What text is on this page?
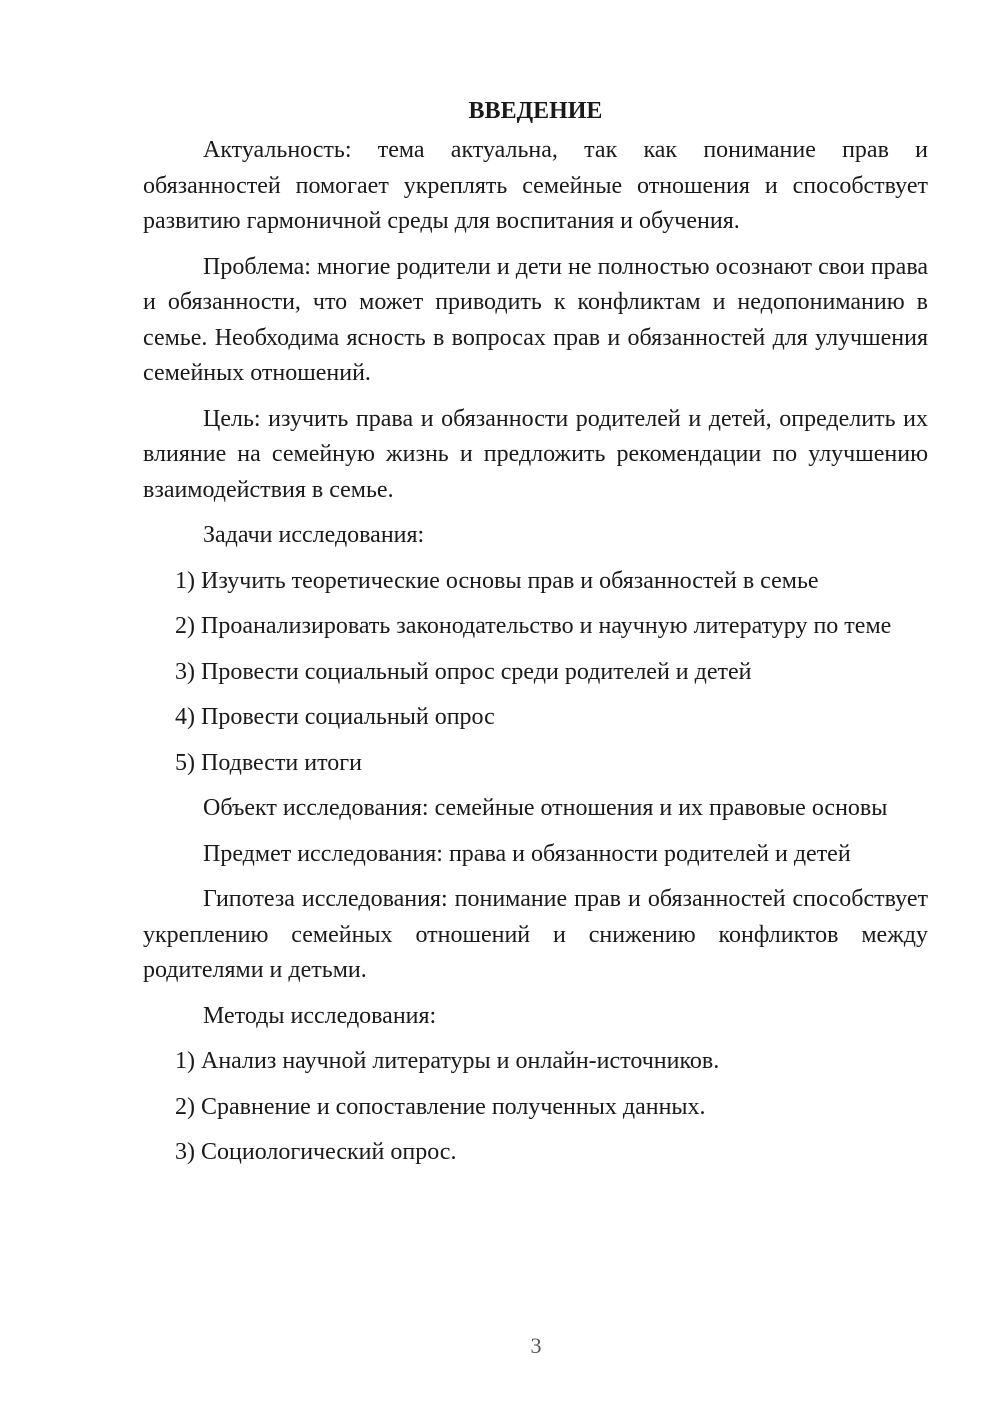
ВВЕДЕНИЕ

Актуальность: тема актуальна, так как понимание прав и обязанностей помогает укреплять семейные отношения и способствует развитию гармоничной среды для воспитания и обучения.

Проблема: многие родители и дети не полностью осознают свои права и обязанности, что может приводить к конфликтам и недопониманию в семье. Необходима ясность в вопросах прав и обязанностей для улучшения семейных отношений.

Цель: изучить права и обязанности родителей и детей, определить их влияние на семейную жизнь и предложить рекомендации по улучшению взаимодействия в семье.

Задачи исследования:

1) Изучить теоретические основы прав и обязанностей в семье

2) Проанализировать законодательство и научную литературу по теме

3) Провести социальный опрос среди родителей и детей

4) Провести социальный опрос

5) Подвести итоги

Объект исследования: семейные отношения и их правовые основы

Предмет исследования: права и обязанности родителей и детей

Гипотеза исследования: понимание прав и обязанностей способствует укреплению семейных отношений и снижению конфликтов между родителями и детьми.

Методы исследования:

1) Анализ научной литературы и онлайн-источников.

2) Сравнение и сопоставление полученных данных.

3) Социологический опрос.

3
